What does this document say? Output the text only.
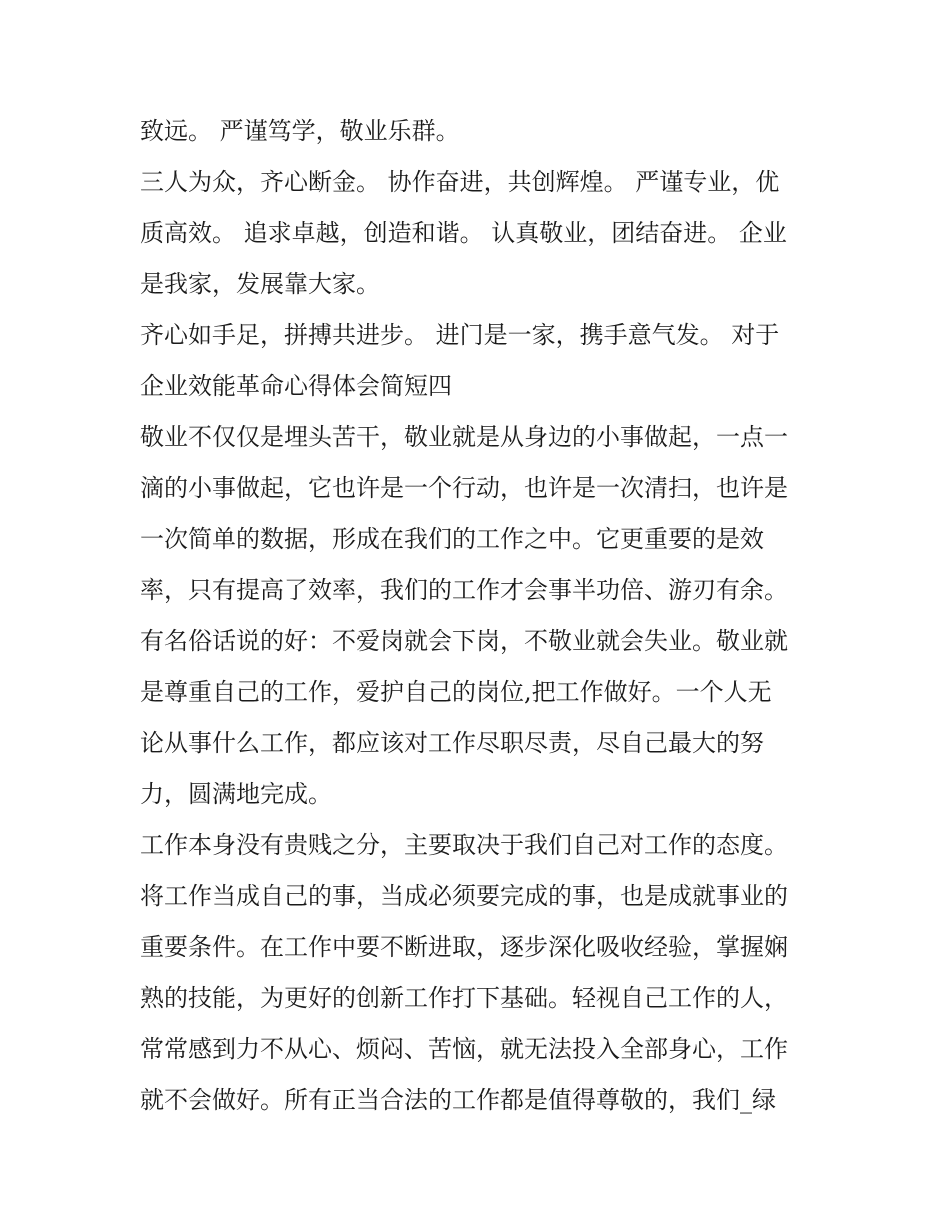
致远。 严谨笃学，敬业乐群。
三人为众，齐心断金。 协作奋进，共创辉煌。 严谨专业，优
质高效。 追求卓越，创造和谐。 认真敬业，团结奋进。 企业
是我家，发展靠大家。
齐心如手足，拼搏共进步。 进门是一家，携手意气发。 对于
企业效能革命心得体会简短四
敬业不仅仅是埋头苦干，敬业就是从身边的小事做起，一点一
滴的小事做起，它也许是一个行动，也许是一次清扫，也许是
一次简单的数据，形成在我们的工作之中。它更重要的是效
率，只有提高了效率，我们的工作才会事半功倍、游刃有余。
有名俗话说的好：不爱岗就会下岗，不敬业就会失业。敬业就
是尊重自己的工作，爱护自己的岗位,把工作做好。一个人无
论从事什么工作，都应该对工作尽职尽责，尽自己最大的努
力，圆满地完成。
工作本身没有贵贱之分，主要取决于我们自己对工作的态度。
将工作当成自己的事，当成必须要完成的事，也是成就事业的
重要条件。在工作中要不断进取，逐步深化吸收经验，掌握娴
熟的技能，为更好的创新工作打下基础。轻视自己工作的人，
常常感到力不从心、烦闷、苦恼，就无法投入全部身心，工作
就不会做好。所有正当合法的工作都是值得尊敬的，我们_绿
